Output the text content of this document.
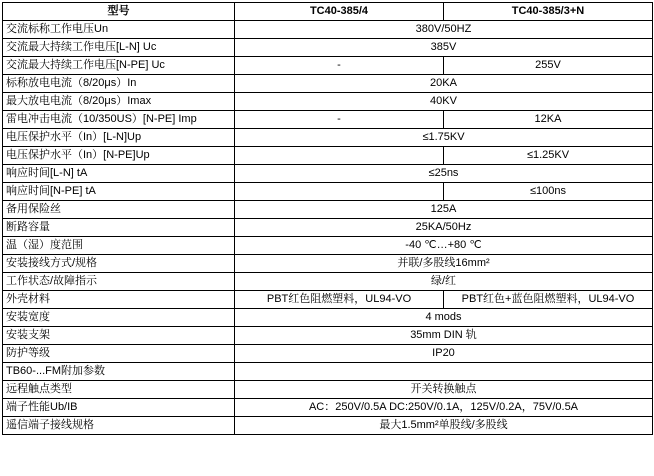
型号	TC40-385/4	TC40-385/3+N
交流标称工作电压Un	380V/50HZ	
交流最大持续工作电压[L-N] Uc	385V	
交流最大持续工作电压[N-PE] Uc	-	255V
标称放电电流（8/20μs）In	20KA	
最大放电电流（8/20μs）Imax	40KV	
雷电冲击电流（10/350US）[N-PE] Imp	-	12KA
电压保护水平（In）[L-N]Up	≤1.75KV	
电压保护水平（In）[N-PE]Up		≤1.25KV
响应时间[L-N] tA	≤25ns	
响应时间[N-PE] tA		≤100ns
备用保险丝	125A	
断路容量	25KA/50Hz	
温（湿）度范围	-40 ℃…+80 ℃	
安装接线方式/规格	并联/多股线16mm²	
工作状态/故障指示	绿/红	
外壳材料	PBT红色阻燃塑料，UL94-VO	PBT红色+蓝色阻燃塑料，UL94-VO
安装宽度	4 mods	
安装支架	35mm DIN 轨	
防护等级	IP20	
TB60-...FM附加参数		
远程触点类型	开关转换触点	
端子性能Ub/IB	AC：250V/0.5A DC:250V/0.1A，125V/0.2A，75V/0.5A	
遥信端子接线规格	最大1.5mm²单股线/多股线	
